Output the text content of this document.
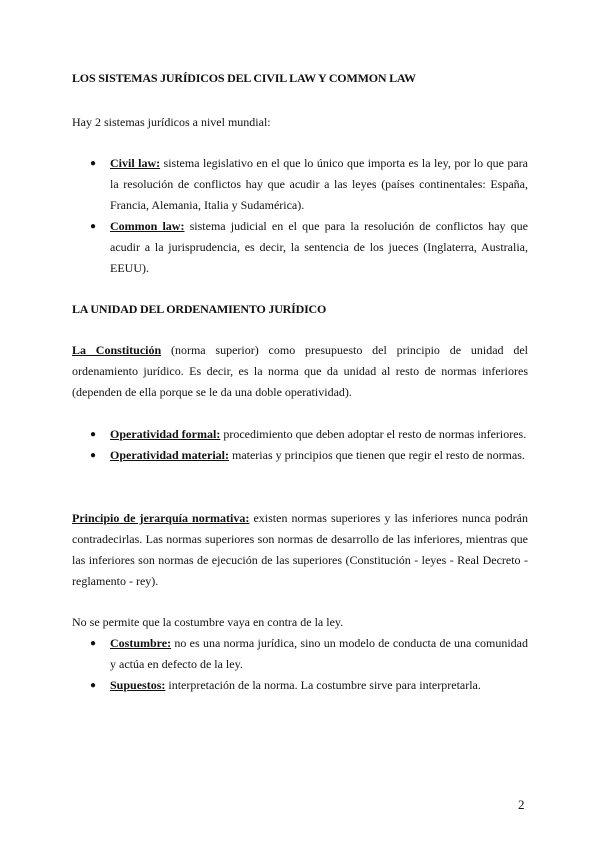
LOS SISTEMAS JURÍDICOS DEL CIVIL LAW Y COMMON LAW
Hay 2 sistemas jurídicos a nivel mundial:
● Civil law: sistema legislativo en el que lo único que importa es la ley, por lo que para la resolución de conflictos hay que acudir a las leyes (países continentales: España, Francia, Alemania, Italia y Sudamérica).
● Common law: sistema judicial en el que para la resolución de conflictos hay que acudir a la jurisprudencia, es decir, la sentencia de los jueces (Inglaterra, Australia, EEUU).
LA UNIDAD DEL ORDENAMIENTO JURÍDICO
La Constitución (norma superior) como presupuesto del principio de unidad del ordenamiento jurídico. Es decir, es la norma que da unidad al resto de normas inferiores (dependen de ella porque se le da una doble operatividad).
● Operatividad formal: procedimiento que deben adoptar el resto de normas inferiores.
● Operatividad material: materias y principios que tienen que regir el resto de normas.
Principio de jerarquía normativa: existen normas superiores y las inferiores nunca podrán contradecirlas. Las normas superiores son normas de desarrollo de las inferiores, mientras que las inferiores son normas de ejecución de las superiores (Constitución - leyes - Real Decreto - reglamento - rey).
No se permite que la costumbre vaya en contra de la ley.
● Costumbre: no es una norma jurídica, sino un modelo de conducta de una comunidad y actúa en defecto de la ley.
● Supuestos: interpretación de la norma. La costumbre sirve para interpretarla.
2
